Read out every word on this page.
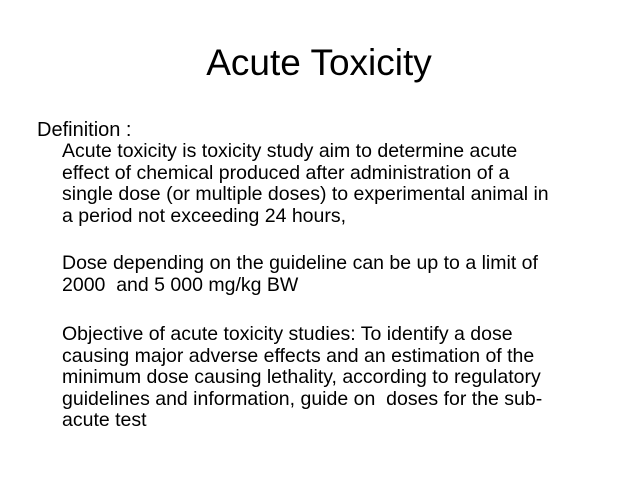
Acute Toxicity

Definition :

Acute toxicity is toxicity study aim to determine acute
effect of chemical produced after administration of a
single dose (or multiple doses) to experimental animal in
a period not exceeding 24 hours,
Dose depending on the guideline can be up to a limit of
2000  and 5 000 mg/kg BW
Objective of acute toxicity studies: To identify a dose
causing major adverse effects and an estimation of the
minimum dose causing lethality, according to regulatory
guidelines and information, guide on  doses for the sub-
acute test
